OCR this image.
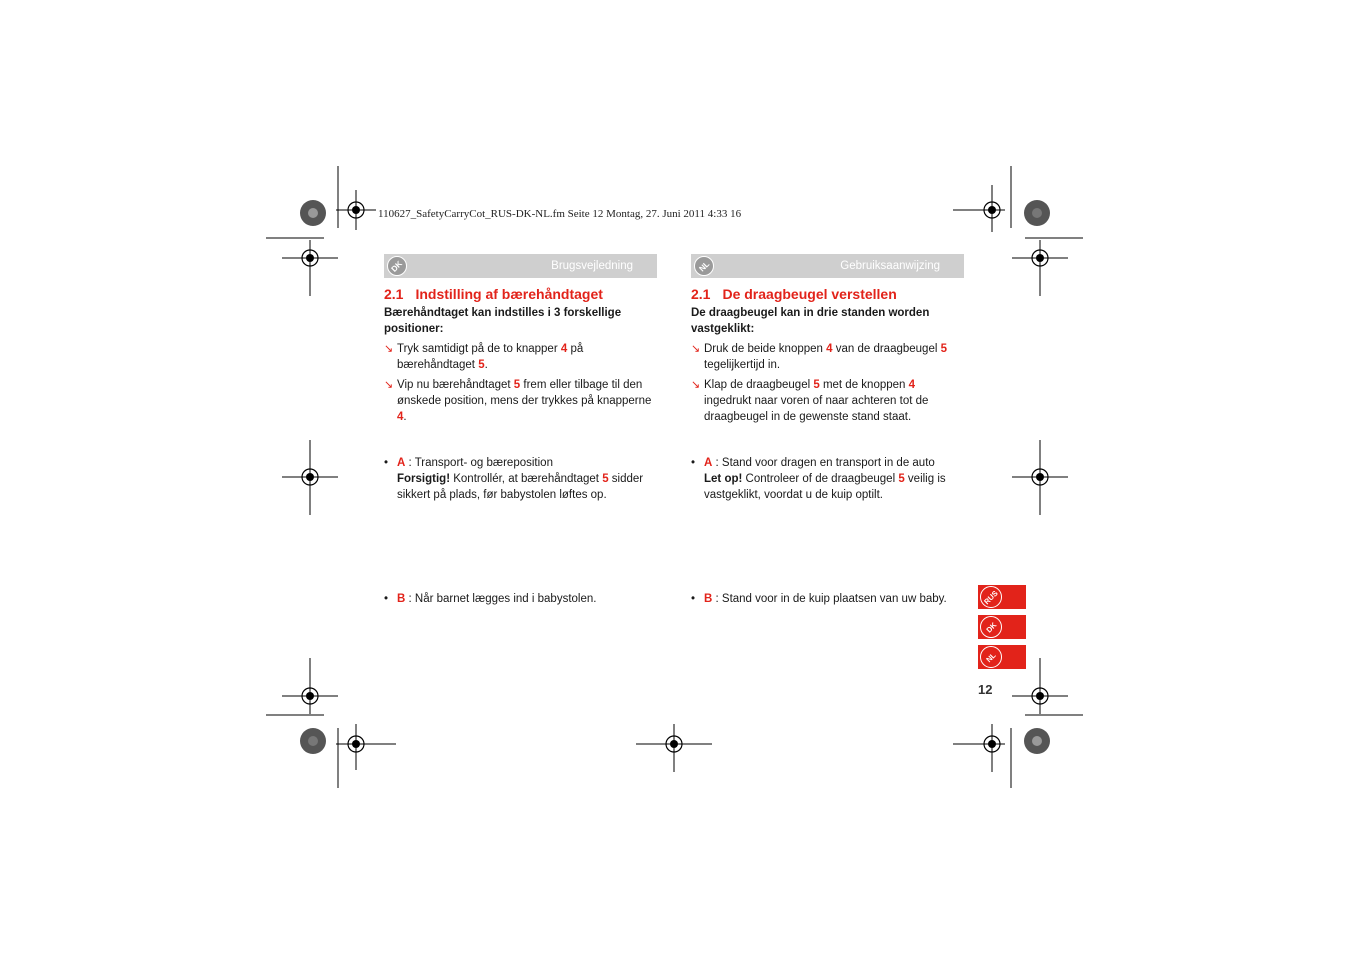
110627_SafetyCarryCot_RUS-DK-NL.fm Seite 12 Montag, 27. Juni 2011 4:33 16
DK	Brugsvejledning
2.1 Indstilling af bærehåndtaget
Bærehåndtaget kan indstilles i 3 forskellige positioner:
↘ Tryk samtidigt på de to knapper 4 på bærehåndtaget 5.
↘ Vip nu bærehåndtaget 5 frem eller tilbage til den ønskede position, mens der trykkes på knapperne 4.
• A : Transport- og bæreposition
Forsigtig! Kontrollér, at bærehåndtaget 5 sidder sikkert på plads, før babystolen løftes op.
• B : Når barnet lægges ind i babystolen.
NL	Gebruiksaanwijzing
2.1 De draagbeugel verstellen
De draagbeugel kan in drie standen worden vastgeklikt:
↘ Druk de beide knoppen 4 van de draagbeugel 5 tegelijkertijd in.
↘ Klap de draagbeugel 5 met de knoppen 4 ingedrukt naar voren of naar achteren tot de draagbeugel in de gewenste stand staat.
• A : Stand voor dragen en transport in de auto
Let op! Controleer of de draagbeugel 5 veilig is vastgeklikt, voordat u de kuip optilt.
• B : Stand voor in de kuip plaatsen van uw baby.	RUS
DK
NL
12
